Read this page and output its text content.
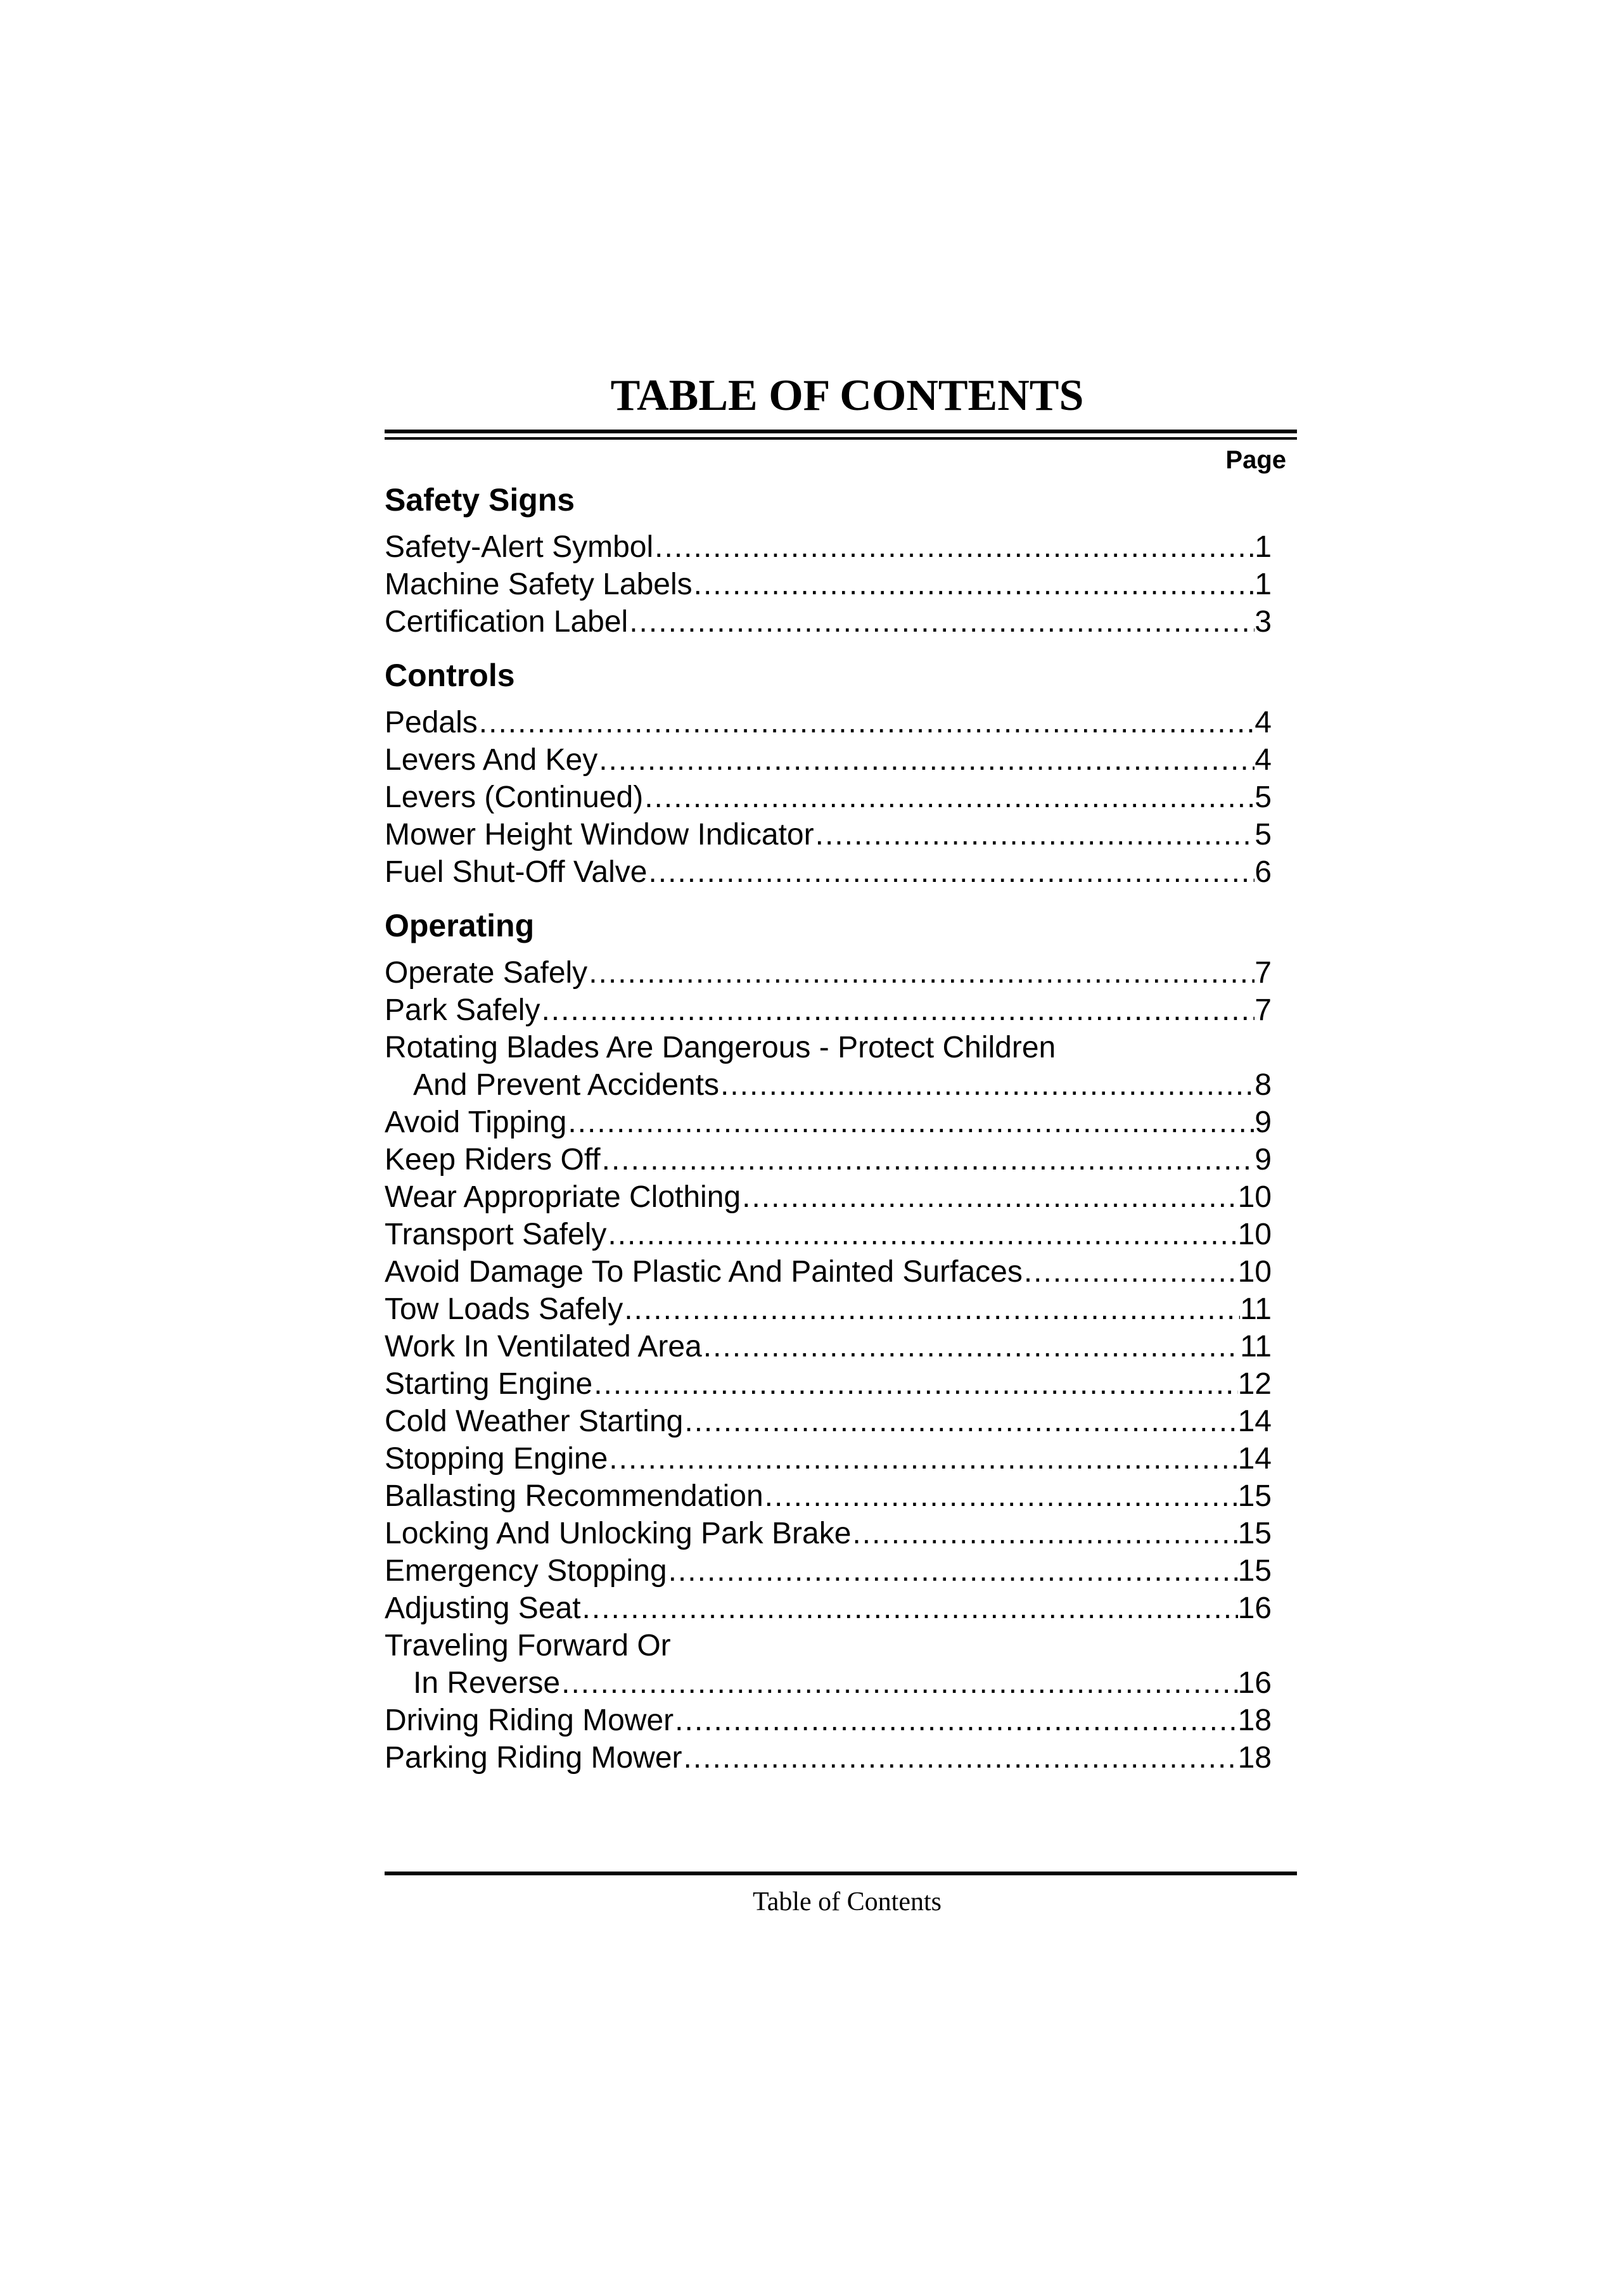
TABLE OF CONTENTS
Page
Safety Signs
Safety-Alert Symbol .....	1
Machine Safety Labels .....	1
Certification Label .....	3
Controls
Pedals .....	4
Levers And Key .....	4
Levers (Continued) .....	5
Mower Height Window Indicator .....	5
Fuel Shut-Off Valve .....	6
Operating
Operate Safely .....	7
Park Safely .....	7
Rotating Blades Are Dangerous - Protect Children
And Prevent Accidents .....	8
Avoid Tipping .....	9
Keep Riders Off .....	9
Wear Appropriate Clothing .....	10
Transport Safely .....	10
Avoid Damage To Plastic And Painted Surfaces .....	10
Tow Loads Safely .....	11
Work In Ventilated Area .....	11
Starting Engine .....	12
Cold Weather Starting .....	14
Stopping Engine .....	14
Ballasting Recommendation .....	15
Locking And Unlocking Park Brake .....	15
Emergency Stopping .....	15
Adjusting Seat .....	16
Traveling Forward Or
In Reverse .....	16
Driving Riding Mower .....	18
Parking Riding Mower .....	18
Table of Contents
